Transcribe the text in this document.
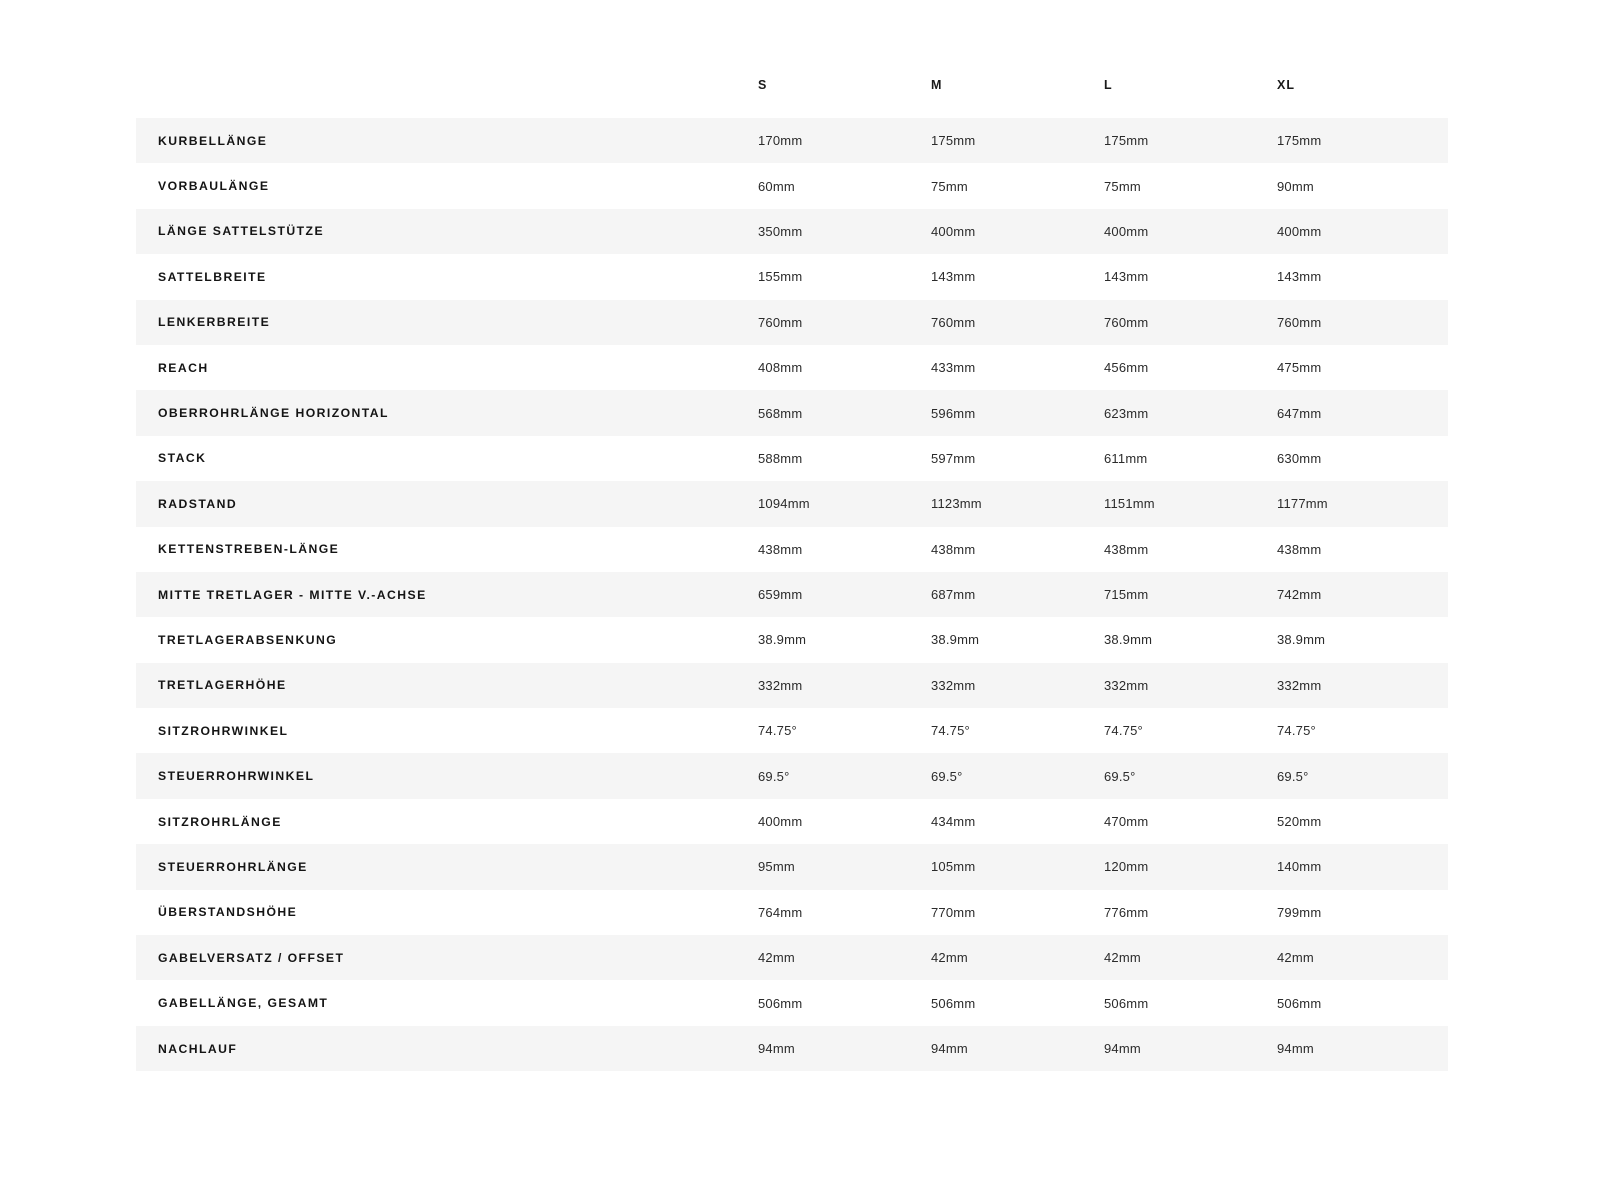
	S	M	L	XL
KURBELLÄNGE	170mm	175mm	175mm	175mm
VORBAULÄNGE	60mm	75mm	75mm	90mm
LÄNGE SATTELSTÜTZE	350mm	400mm	400mm	400mm
SATTELBREITE	155mm	143mm	143mm	143mm
LENKERBREITE	760mm	760mm	760mm	760mm
REACH	408mm	433mm	456mm	475mm
OBERROHRLÄNGE HORIZONTAL	568mm	596mm	623mm	647mm
STACK	588mm	597mm	611mm	630mm
RADSTAND	1094mm	1123mm	1151mm	1177mm
KETTENSTREBEN-LÄNGE	438mm	438mm	438mm	438mm
MITTE TRETLAGER - MITTE V.-ACHSE	659mm	687mm	715mm	742mm
TRETLAGERABSENKUNG	38.9mm	38.9mm	38.9mm	38.9mm
TRETLAGERHÖHE	332mm	332mm	332mm	332mm
SITZROHRWINKEL	74.75°	74.75°	74.75°	74.75°
STEUERROHRWINKEL	69.5°	69.5°	69.5°	69.5°
SITZROHRLÄNGE	400mm	434mm	470mm	520mm
STEUERROHRLÄNGE	95mm	105mm	120mm	140mm
ÜBERSTANDSHÖHE	764mm	770mm	776mm	799mm
GABELVERSATZ / OFFSET	42mm	42mm	42mm	42mm
GABELLÄNGE, GESAMT	506mm	506mm	506mm	506mm
NACHLAUF	94mm	94mm	94mm	94mm
